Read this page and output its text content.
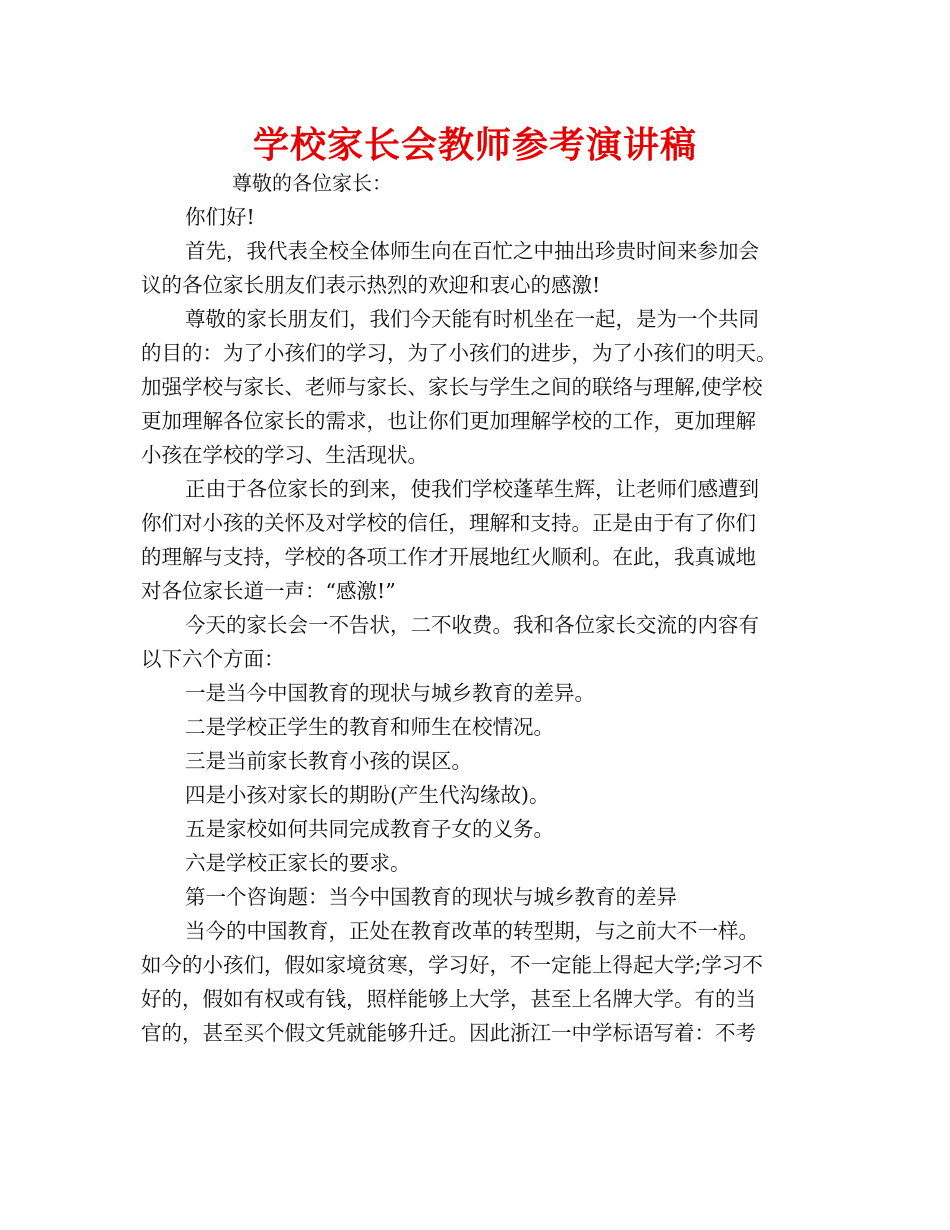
学校家长会教师参考演讲稿
尊敬的各位家长：
你们好!
首先，我代表全校全体师生向在百忙之中抽出珍贵时间来参加会
议的各位家长朋友们表示热烈的欢迎和衷心的感激!
尊敬的家长朋友们，我们今天能有时机坐在一起，是为一个共同
的目的：为了小孩们的学习，为了小孩们的进步，为了小孩们的明天。
加强学校与家长、老师与家长、家长与学生之间的联络与理解,使学校
更加理解各位家长的需求，也让你们更加理解学校的工作，更加理解
小孩在学校的学习、生活现状。
正由于各位家长的到来，使我们学校蓬荜生辉，让老师们感遭到
你们对小孩的关怀及对学校的信任，理解和支持。正是由于有了你们
的理解与支持，学校的各项工作才开展地红火顺利。在此，我真诚地
对各位家长道一声：“感激!”
今天的家长会一不告状，二不收费。我和各位家长交流的内容有
以下六个方面：
一是当今中国教育的现状与城乡教育的差异。
二是学校正学生的教育和师生在校情况。
三是当前家长教育小孩的误区。
四是小孩对家长的期盼(产生代沟缘故)。
五是家校如何共同完成教育子女的义务。
六是学校正家长的要求。
第一个咨询题：当今中国教育的现状与城乡教育的差异
当今的中国教育，正处在教育改革的转型期，与之前大不一样。
如今的小孩们，假如家境贫寒，学习好，不一定能上得起大学;学习不
好的，假如有权或有钱，照样能够上大学，甚至上名牌大学。有的当
官的，甚至买个假文凭就能够升迁。因此浙江一中学标语写着：不考
